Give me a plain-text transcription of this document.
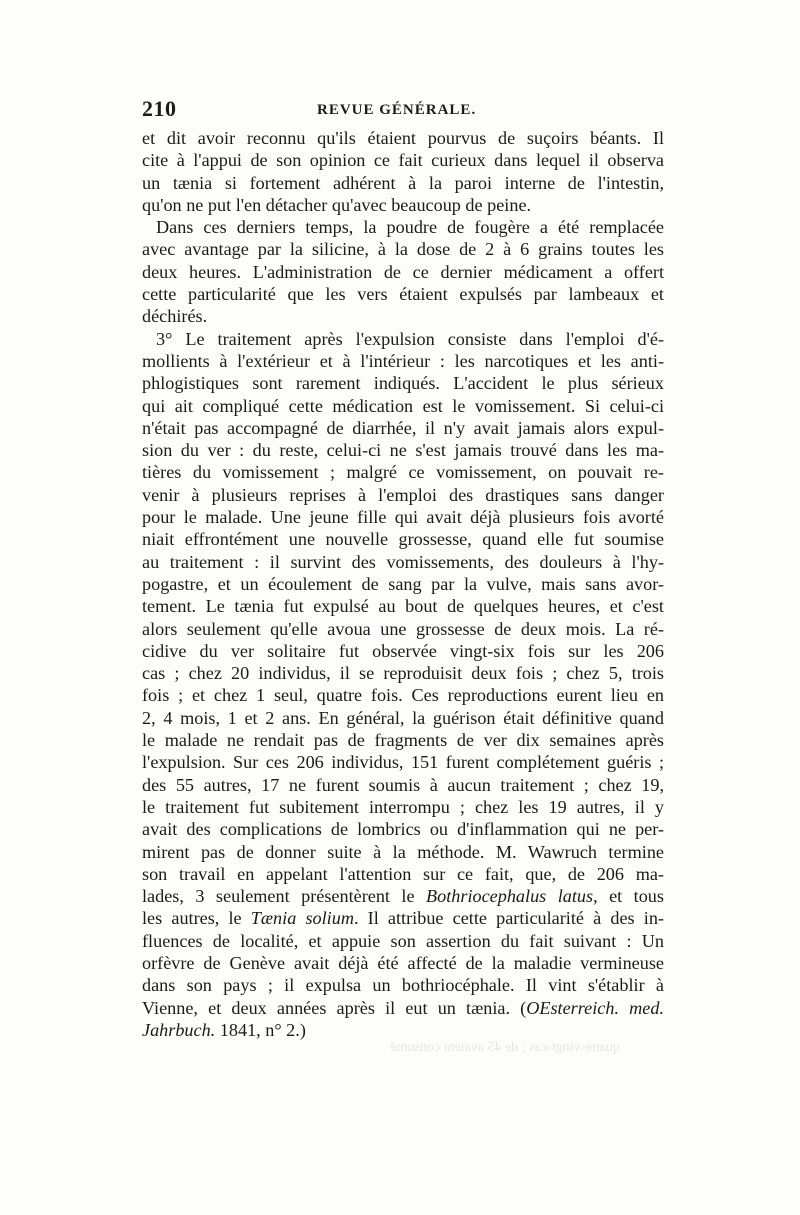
210	REVUE GÉNÉRALE.
et dit avoir reconnu qu'ils étaient pourvus de suçoirs béants. Il
cite à l'appui de son opinion ce fait curieux dans lequel il observa
un tænia si fortement adhérent à la paroi interne de l'intestin,
qu'on ne put l'en détacher qu'avec beaucoup de peine.
Dans ces derniers temps, la poudre de fougère a été remplacée
avec avantage par la silicine, à la dose de 2 à 6 grains toutes les
deux heures. L'administration de ce dernier médicament a offert
cette particularité que les vers étaient expulsés par lambeaux et
déchirés.
3° Le traitement après l'expulsion consiste dans l'emploi d'é-
mollients à l'extérieur et à l'intérieur : les narcotiques et les anti-
phlogistiques sont rarement indiqués. L'accident le plus sérieux
qui ait compliqué cette médication est le vomissement. Si celui-ci
n'était pas accompagné de diarrhée, il n'y avait jamais alors expul-
sion du ver : du reste, celui-ci ne s'est jamais trouvé dans les ma-
tières du vomissement ; malgré ce vomissement, on pouvait re-
venir à plusieurs reprises à l'emploi des drastiques sans danger
pour le malade. Une jeune fille qui avait déjà plusieurs fois avorté
niait effrontément une nouvelle grossesse, quand elle fut soumise
au traitement : il survint des vomissements, des douleurs à l'hy-
pogastre, et un écoulement de sang par la vulve, mais sans avor-
tement. Le tænia fut expulsé au bout de quelques heures, et c'est
alors seulement qu'elle avoua une grossesse de deux mois. La ré-
cidive du ver solitaire fut observée vingt-six fois sur les 206
cas ; chez 20 individus, il se reproduisit deux fois ; chez 5, trois
fois ; et chez 1 seul, quatre fois. Ces reproductions eurent lieu en
2, 4 mois, 1 et 2 ans. En général, la guérison était définitive quand
le malade ne rendait pas de fragments de ver dix semaines après
l'expulsion. Sur ces 206 individus, 151 furent complétement guéris ;
des 55 autres, 17 ne furent soumis à aucun traitement ; chez 19,
le traitement fut subitement interrompu ; chez les 19 autres, il y
avait des complications de lombrics ou d'inflammation qui ne per-
mirent pas de donner suite à la méthode. M. Wawruch termine
son travail en appelant l'attention sur ce fait, que, de 206 ma-
lades, 3 seulement présentèrent le Bothriocephalus latus, et tous
les autres, le Tænia solium. Il attribue cette particularité à des in-
fluences de localité, et appuie son assertion du fait suivant : Un
orfèvre de Genève avait déjà été affecté de la maladie vermineuse
dans son pays ; il expulsa un bothriocéphale. Il vint s'établir à
Vienne, et deux années après il eut un tænia. (OEsterreich. med.
Jahrbuch. 1841, n° 2.)
quatre-vingt-cas ; de 45 avaient consumé
